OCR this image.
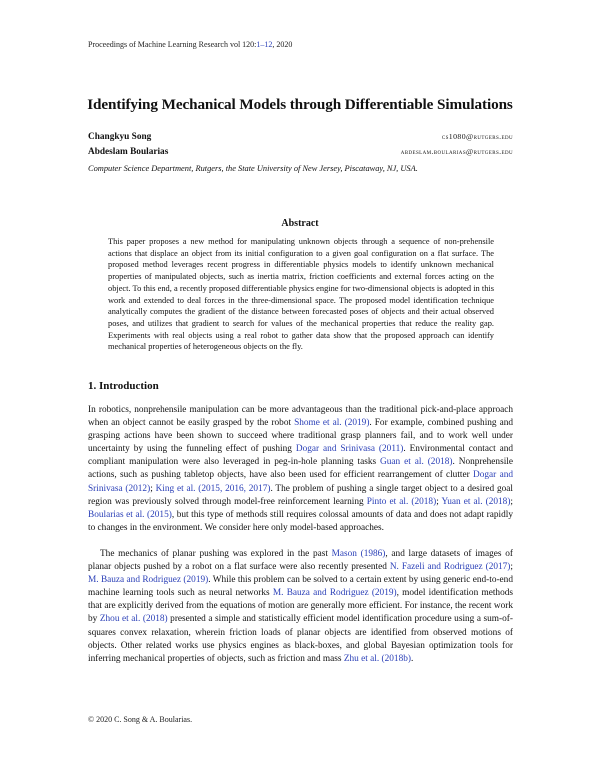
Proceedings of Machine Learning Research vol 120:1–12, 2020
Identifying Mechanical Models through Differentiable Simulations
Changkyu Song	cs1080@rutgers.edu
Abdeslam Boularias	abdeslam.boularias@rutgers.edu
Computer Science Department, Rutgers, the State University of New Jersey, Piscataway, NJ, USA.
Abstract
This paper proposes a new method for manipulating unknown objects through a sequence of non-prehensile actions that displace an object from its initial configuration to a given goal configuration on a flat surface. The proposed method leverages recent progress in differentiable physics models to identify unknown mechanical properties of manipulated objects, such as inertia matrix, friction coefficients and external forces acting on the object. To this end, a recently proposed differentiable physics engine for two-dimensional objects is adopted in this work and extended to deal forces in the three-dimensional space. The proposed model identification technique analytically computes the gradient of the distance between forecasted poses of objects and their actual observed poses, and utilizes that gradient to search for values of the mechanical properties that reduce the reality gap. Experiments with real objects using a real robot to gather data show that the proposed approach can identify mechanical properties of heterogeneous objects on the fly.
1. Introduction
In robotics, nonprehensile manipulation can be more advantageous than the traditional pick-and-place approach when an object cannot be easily grasped by the robot Shome et al. (2019). For example, combined pushing and grasping actions have been shown to succeed where traditional grasp planners fail, and to work well under uncertainty by using the funneling effect of pushing Dogar and Srinivasa (2011). Environmental contact and compliant manipulation were also leveraged in peg-in-hole planning tasks Guan et al. (2018). Nonprehensile actions, such as pushing tabletop objects, have also been used for efficient rearrangement of clutter Dogar and Srinivasa (2012); King et al. (2015, 2016, 2017). The problem of pushing a single target object to a desired goal region was previously solved through model-free reinforcement learning Pinto et al. (2018); Yuan et al. (2018); Boularias et al. (2015), but this type of methods still requires colossal amounts of data and does not adapt rapidly to changes in the environment. We consider here only model-based approaches.
The mechanics of planar pushing was explored in the past Mason (1986), and large datasets of images of planar objects pushed by a robot on a flat surface were also recently presented N. Fazeli and Rodriguez (2017); M. Bauza and Rodriguez (2019). While this problem can be solved to a certain extent by using generic end-to-end machine learning tools such as neural networks M. Bauza and Rodriguez (2019), model identification methods that are explicitly derived from the equations of motion are generally more efficient. For instance, the recent work by Zhou et al. (2018) presented a simple and statistically efficient model identification procedure using a sum-of-squares convex relaxation, wherein friction loads of planar objects are identified from observed motions of objects. Other related works use physics engines as black-boxes, and global Bayesian optimization tools for inferring mechanical properties of objects, such as friction and mass Zhu et al. (2018b).
© 2020 C. Song & A. Boularias.
